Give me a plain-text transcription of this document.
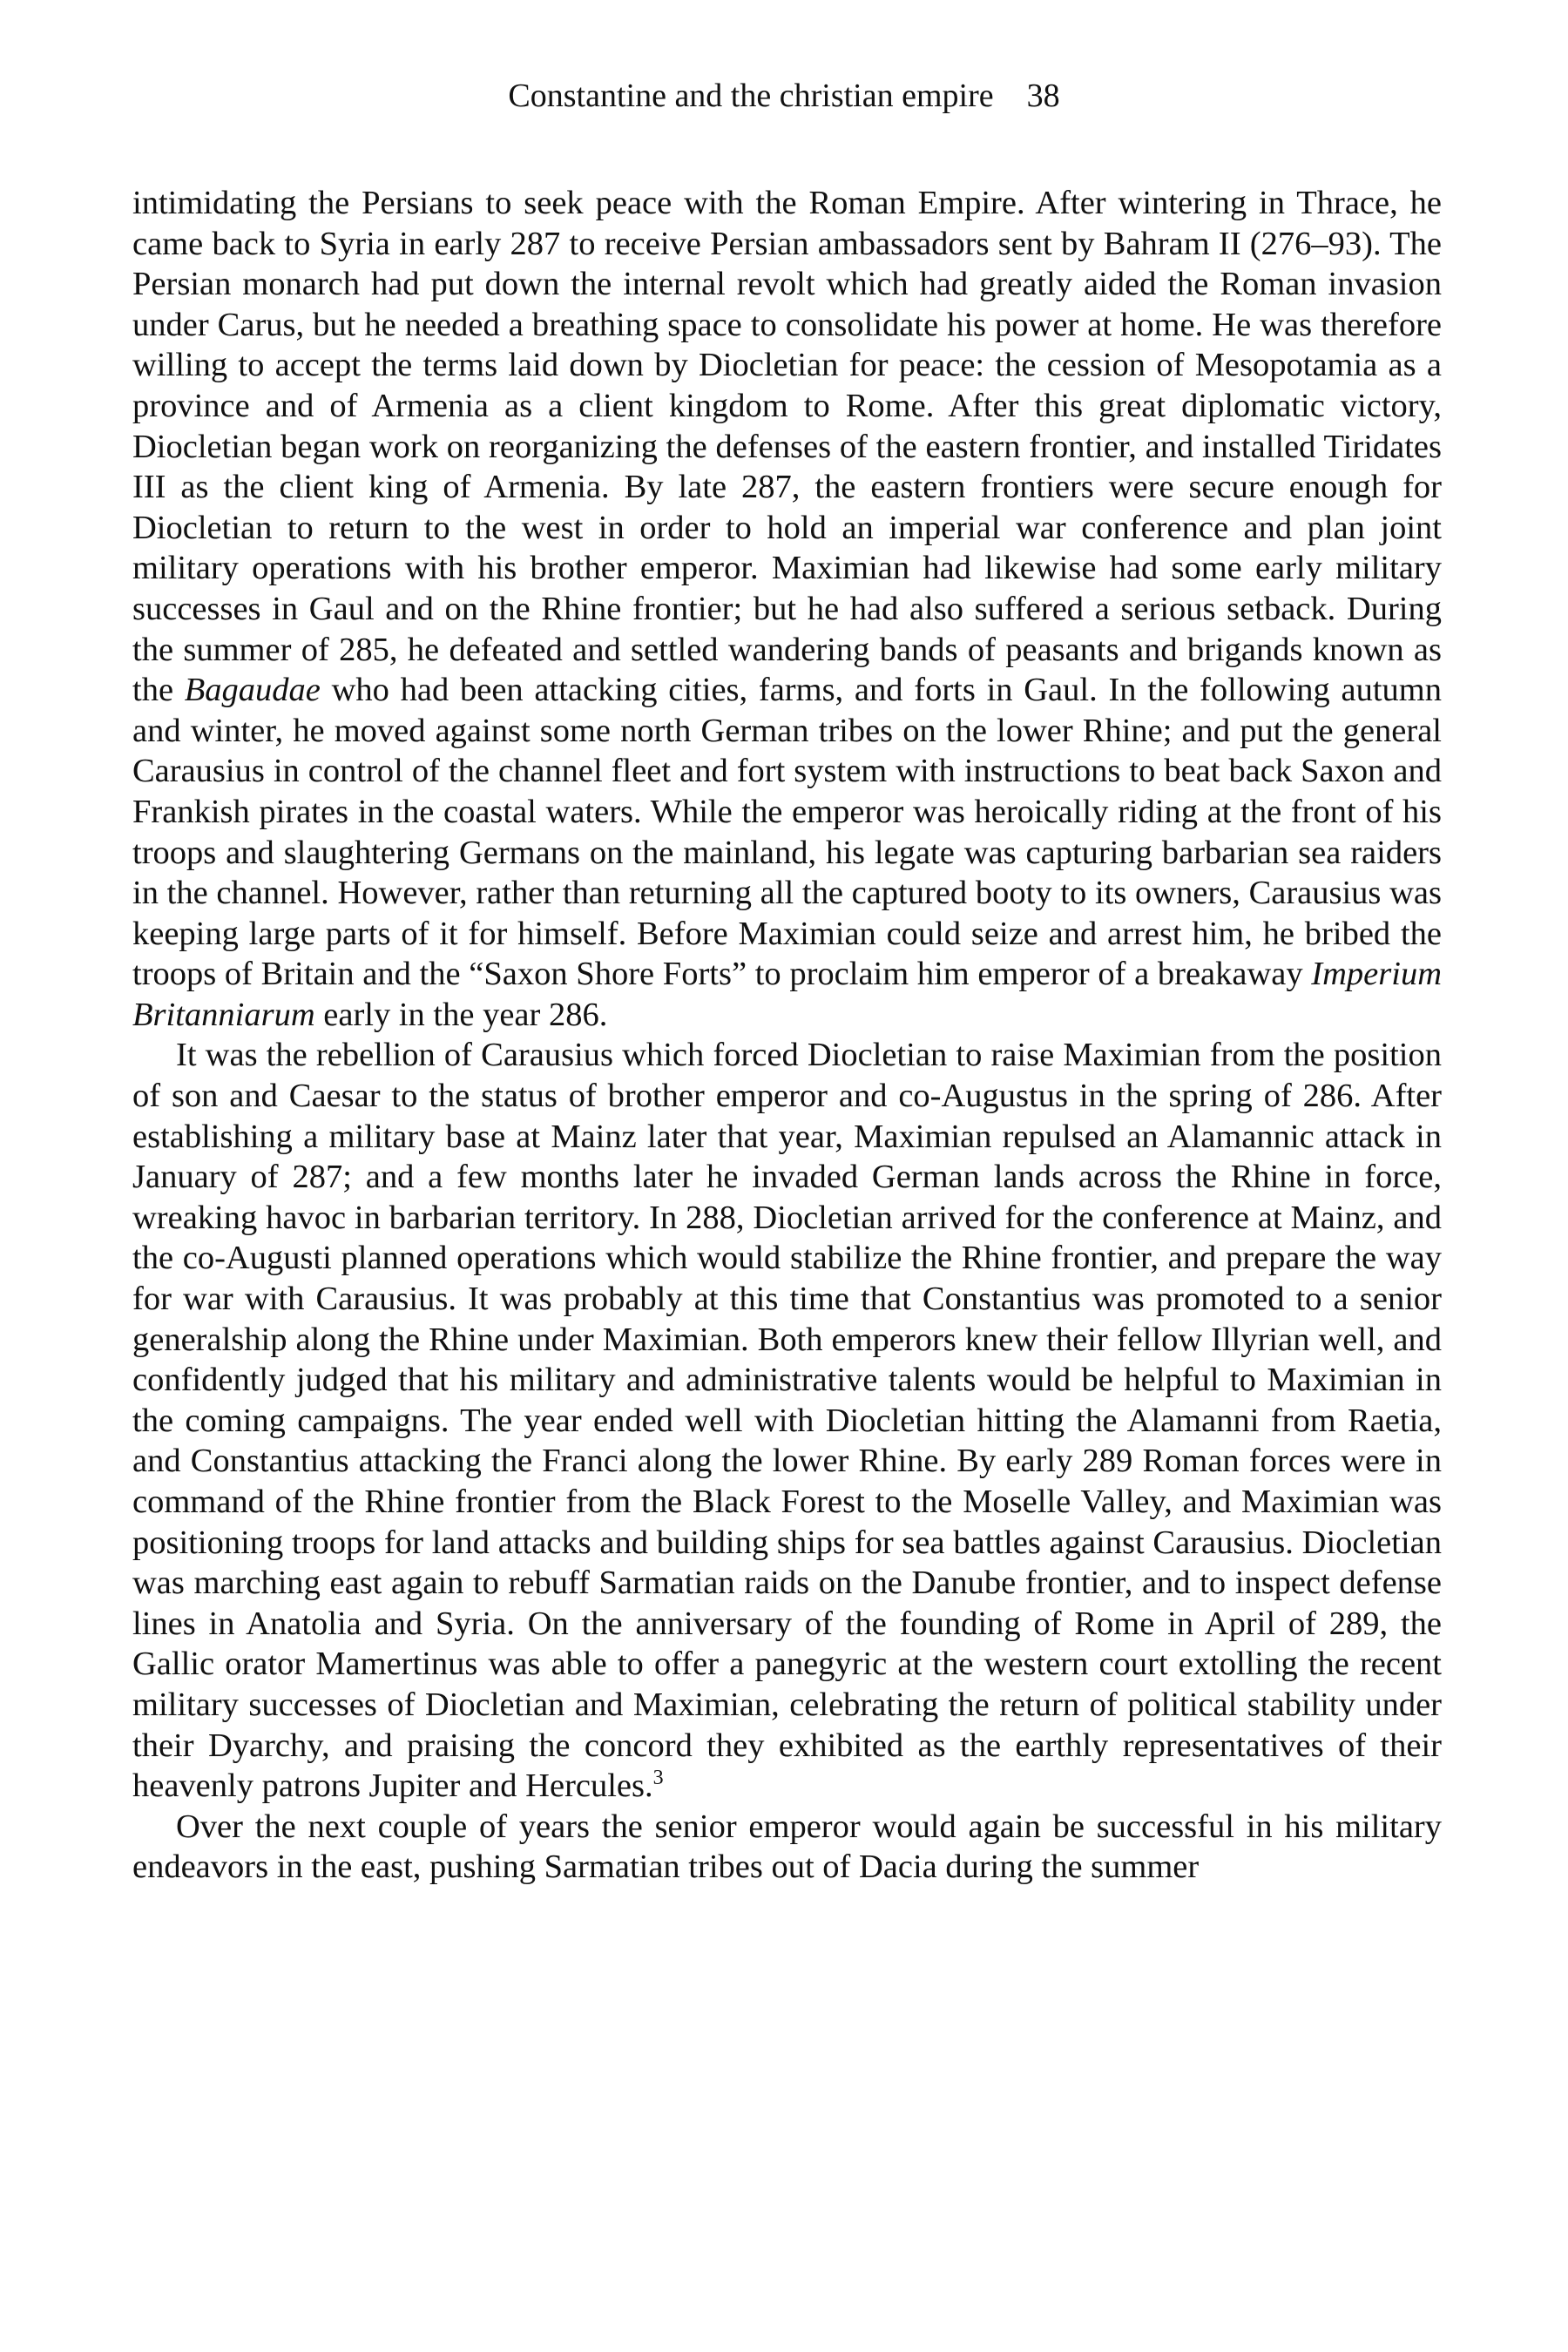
Constantine and the christian empire 38

intimidating the Persians to seek peace with the Roman Empire. After wintering in Thrace, he came back to Syria in early 287 to receive Persian ambassadors sent by Bahram II (276–93). The Persian monarch had put down the internal revolt which had greatly aided the Roman invasion under Carus, but he needed a breathing space to consolidate his power at home. He was therefore willing to accept the terms laid down by Diocletian for peace: the cession of Mesopotamia as a province and of Armenia as a client kingdom to Rome. After this great diplomatic victory, Diocletian began work on reorganizing the defenses of the eastern frontier, and installed Tiridates III as the client king of Armenia. By late 287, the eastern frontiers were secure enough for Diocletian to return to the west in order to hold an imperial war conference and plan joint military operations with his brother emperor. Maximian had likewise had some early military successes in Gaul and on the Rhine frontier; but he had also suffered a serious setback. During the summer of 285, he defeated and settled wandering bands of peasants and brigands known as the Bagaudae who had been attacking cities, farms, and forts in Gaul. In the following autumn and winter, he moved against some north German tribes on the lower Rhine; and put the general Carausius in control of the channel fleet and fort system with instructions to beat back Saxon and Frankish pirates in the coastal waters. While the emperor was heroically riding at the front of his troops and slaughtering Germans on the mainland, his legate was capturing barbarian sea raiders in the channel. However, rather than returning all the captured booty to its owners, Carausius was keeping large parts of it for himself. Before Maximian could seize and arrest him, he bribed the troops of Britain and the “Saxon Shore Forts” to proclaim him emperor of a breakaway Imperium Britanniarum early in the year 286.

It was the rebellion of Carausius which forced Diocletian to raise Maximian from the position of son and Caesar to the status of brother emperor and co-Augustus in the spring of 286. After establishing a military base at Mainz later that year, Maximian repulsed an Alamannic attack in January of 287; and a few months later he invaded German lands across the Rhine in force, wreaking havoc in barbarian territory. In 288, Diocletian arrived for the conference at Mainz, and the co-Augusti planned operations which would stabilize the Rhine frontier, and prepare the way for war with Carausius. It was probably at this time that Constantius was promoted to a senior generalship along the Rhine under Maximian. Both emperors knew their fellow Illyrian well, and confidently judged that his military and administrative talents would be helpful to Maximian in the coming campaigns. The year ended well with Diocletian hitting the Alamanni from Raetia, and Constantius attacking the Franci along the lower Rhine. By early 289 Roman forces were in command of the Rhine frontier from the Black Forest to the Moselle Valley, and Maximian was positioning troops for land attacks and building ships for sea battles against Carausius. Diocletian was marching east again to rebuff Sarmatian raids on the Danube frontier, and to inspect defense lines in Anatolia and Syria. On the anniversary of the founding of Rome in April of 289, the Gallic orator Mamertinus was able to offer a panegyric at the western court extolling the recent military successes of Diocletian and Maximian, celebrating the return of political stability under their Dyarchy, and praising the concord they exhibited as the earthly representatives of their heavenly patrons Jupiter and Hercules.$^3$

Over the next couple of years the senior emperor would again be successful in his military endeavors in the east, pushing Sarmatian tribes out of Dacia during the summer
